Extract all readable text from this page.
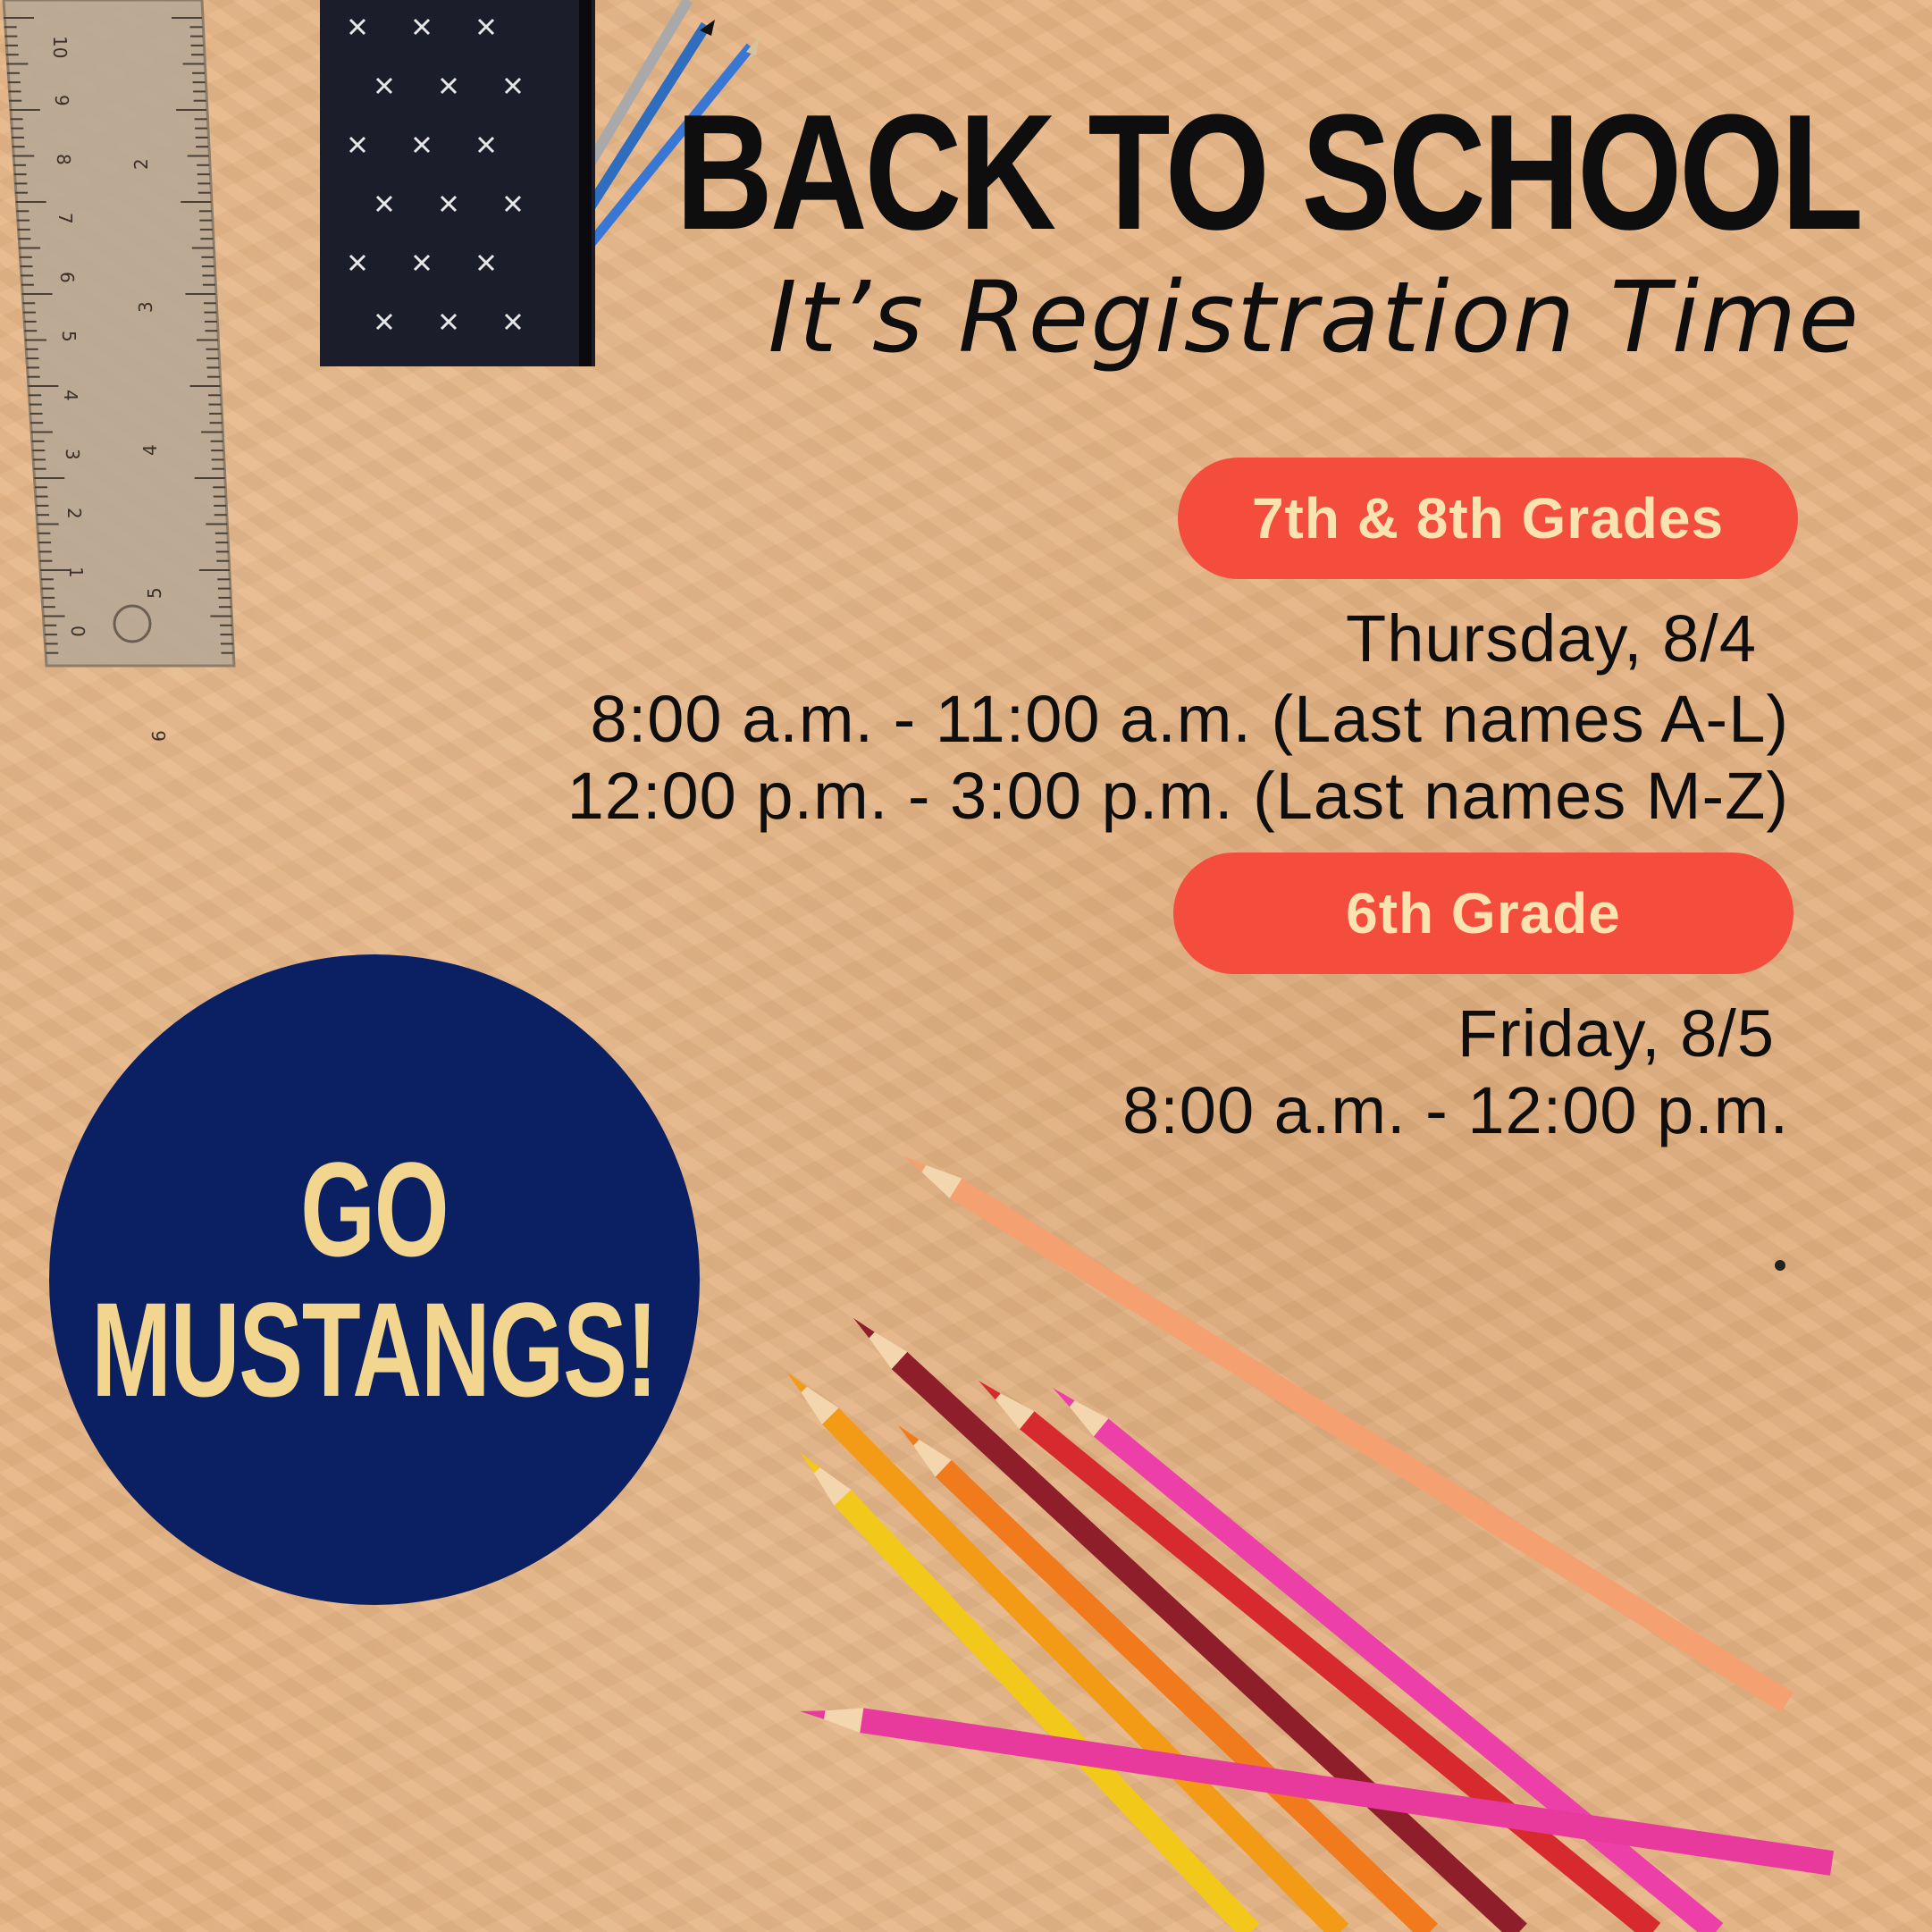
10
9
8
7
6
5
4
3
2
1
0
2
3
4
5
6
BACK TO SCHOOL
It’s Registration Time
7th & 8th Grades
Thursday, 8/4
8:00 a.m. - 11:00 a.m. (Last names A-L)
12:00 p.m. - 3:00 p.m. (Last names M-Z)
6th Grade
Friday, 8/5
8:00 a.m. - 12:00 p.m.
GO
MUSTANGS!
